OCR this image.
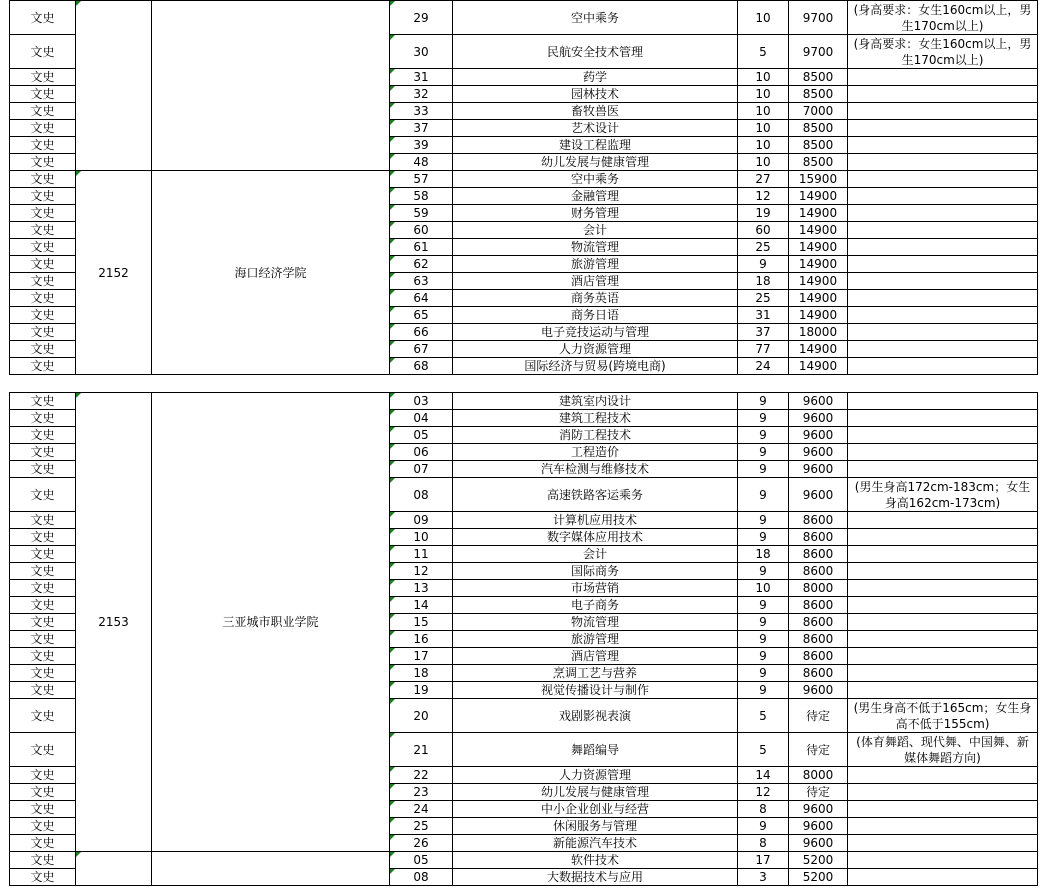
文史			29	空中乘务	10	9700	(身高要求：女生160cm以上，男生170cm以上)
文史			30	民航安全技术管理	5	9700	(身高要求：女生160cm以上，男生170cm以上)
文史			31	药学	10	8500	
文史			32	园林技术	10	8500	
文史			33	畜牧兽医	10	7000	
文史			37	艺术设计	10	8500	
文史			39	建设工程监理	10	8500	
文史			48	幼儿发展与健康管理	10	8500	
文史	2152	海口经济学院	57	空中乘务	27	15900	
文史			58	金融管理	12	14900	
文史			59	财务管理	19	14900	
文史			60	会计	60	14900	
文史			61	物流管理	25	14900	
文史			62	旅游管理	9	14900	
文史			63	酒店管理	18	14900	
文史			64	商务英语	25	14900	
文史			65	商务日语	31	14900	
文史			66	电子竞技运动与管理	37	18000	
文史			67	人力资源管理	77	14900	
文史			68	国际经济与贸易(跨境电商)	24	14900	
文史	2153	三亚城市职业学院	03	建筑室内设计	9	9600	
文史			04	建筑工程技术	9	9600	
文史			05	消防工程技术	9	9600	
文史			06	工程造价	9	9600	
文史			07	汽车检测与维修技术	9	9600	
文史			08	高速铁路客运乘务	9	9600	(男生身高172cm-183cm；女生身高162cm-173cm)
文史			09	计算机应用技术	9	8600	
文史			10	数字媒体应用技术	9	8600	
文史			11	会计	18	8600	
文史			12	国际商务	9	8600	
文史			13	市场营销	10	8000	
文史			14	电子商务	9	8600	
文史			15	物流管理	9	8600	
文史			16	旅游管理	9	8600	
文史			17	酒店管理	9	8600	
文史			18	烹调工艺与营养	9	8600	
文史			19	视觉传播设计与制作	9	9600	
文史			20	戏剧影视表演	5	待定	(男生身高不低于165cm；女生身高不低于155cm)
文史			21	舞蹈编导	5	待定	(体育舞蹈、现代舞、中国舞、新媒体舞蹈方向)
文史			22	人力资源管理	14	8000	
文史			23	幼儿发展与健康管理	12	待定	
文史			24	中小企业创业与经营	8	9600	
文史			25	休闲服务与管理	9	9600	
文史			26	新能源汽车技术	8	9600	
文史			05	软件技术	17	5200	
文史			08	大数据技术与应用	3	5200	
